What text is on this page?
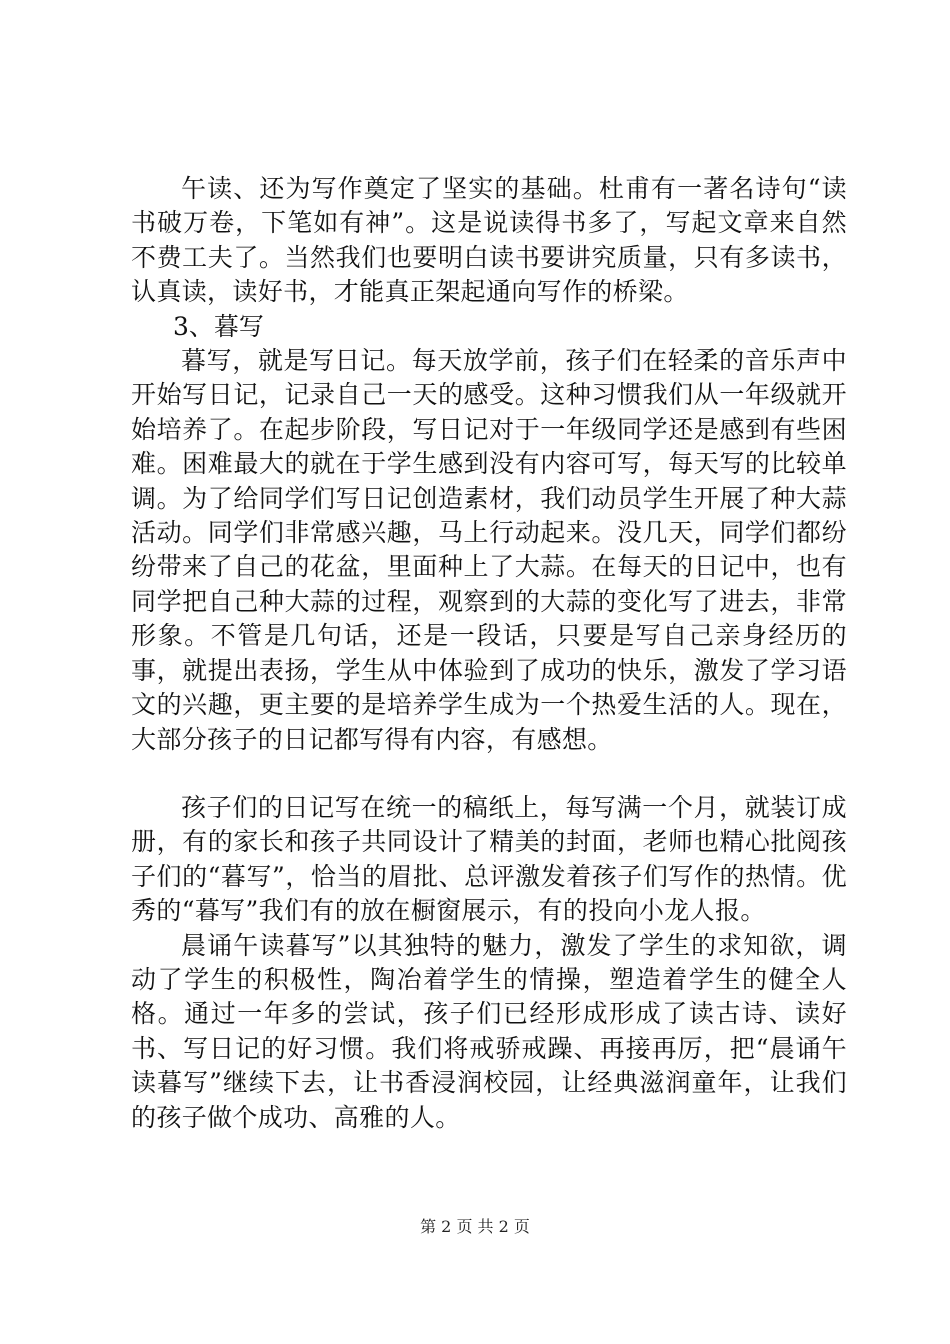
午读、还为写作奠定了坚实的基础。杜甫有一著名诗句“读书破万卷，下笔如有神”。这是说读得书多了，写起文章来自然不费工夫了。当然我们也要明白读书要讲究质量，只有多读书，认真读，读好书，才能真正架起通向写作的桥梁。

3、暮写

暮写，就是写日记。每天放学前，孩子们在轻柔的音乐声中开始写日记，记录自己一天的感受。这种习惯我们从一年级就开始培养了。在起步阶段，写日记对于一年级同学还是感到有些困难。困难最大的就在于学生感到没有内容可写，每天写的比较单调。为了给同学们写日记创造素材，我们动员学生开展了种大蒜活动。同学们非常感兴趣，马上行动起来。没几天，同学们都纷纷带来了自己的花盆，里面种上了大蒜。在每天的日记中，也有同学把自己种大蒜的过程，观察到的大蒜的变化写了进去，非常形象。不管是几句话，还是一段话，只要是写自己亲身经历的事，就提出表扬，学生从中体验到了成功的快乐，激发了学习语文的兴趣，更主要的是培养学生成为一个热爱生活的人。现在，大部分孩子的日记都写得有内容，有感想。

孩子们的日记写在统一的稿纸上，每写满一个月，就装订成册，有的家长和孩子共同设计了精美的封面，老师也精心批阅孩子们的“暮写”，恰当的眉批、总评激发着孩子们写作的热情。优秀的“暮写”我们有的放在橱窗展示，有的投向小龙人报。

晨诵午读暮写”以其独特的魅力，激发了学生的求知欲，调动了学生的积极性，陶冶着学生的情操，塑造着学生的健全人格。通过一年多的尝试，孩子们已经形成形成了读古诗、读好书、写日记的好习惯。我们将戒骄戒躁、再接再厉，把“晨诵午读暮写”继续下去，让书香浸润校园，让经典滋润童年，让我们的孩子做个成功、高雅的人。

第 2 页 共 2 页
